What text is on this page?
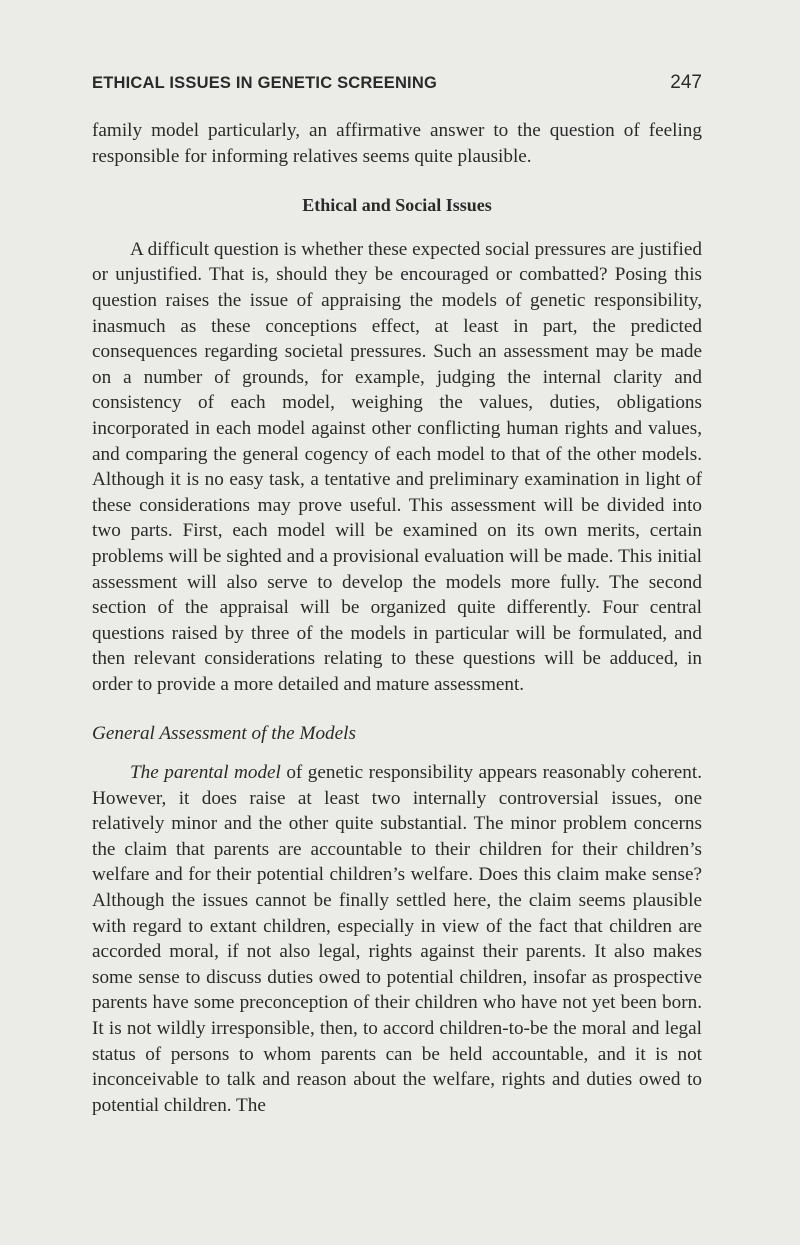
ETHICAL ISSUES IN GENETIC SCREENING	247

family model particularly, an affirmative answer to the question of feeling responsible for informing relatives seems quite plausible.

Ethical and Social Issues

A difficult question is whether these expected social pressures are justified or unjustified. That is, should they be encouraged or combatted? Posing this question raises the issue of appraising the models of genetic responsibility, inasmuch as these conceptions effect, at least in part, the predicted consequences regarding societal pressures. Such an assessment may be made on a number of grounds, for example, judging the internal clarity and consistency of each model, weighing the values, duties, obligations incorporated in each model against other conflicting human rights and values, and comparing the general cogency of each model to that of the other models. Although it is no easy task, a tentative and preliminary examination in light of these considerations may prove useful. This assessment will be divided into two parts. First, each model will be examined on its own merits, certain problems will be sighted and a provisional evaluation will be made. This initial assessment will also serve to develop the models more fully. The second section of the appraisal will be organized quite differently. Four central questions raised by three of the models in particular will be formulated, and then relevant considerations relating to these questions will be adduced, in order to provide a more detailed and mature assessment.

General Assessment of the Models

The parental model of genetic responsibility appears reasonably coherent. However, it does raise at least two internally controversial issues, one relatively minor and the other quite substantial. The minor problem concerns the claim that parents are accountable to their children for their children’s welfare and for their potential children’s welfare. Does this claim make sense? Although the issues cannot be finally settled here, the claim seems plausible with regard to extant children, especially in view of the fact that children are accorded moral, if not also legal, rights against their parents. It also makes some sense to discuss duties owed to potential children, insofar as prospective parents have some preconception of their children who have not yet been born. It is not wildly irresponsible, then, to accord children-to-be the moral and legal status of persons to whom parents can be held accountable, and it is not inconceivable to talk and reason about the welfare, rights and duties owed to potential children. The
